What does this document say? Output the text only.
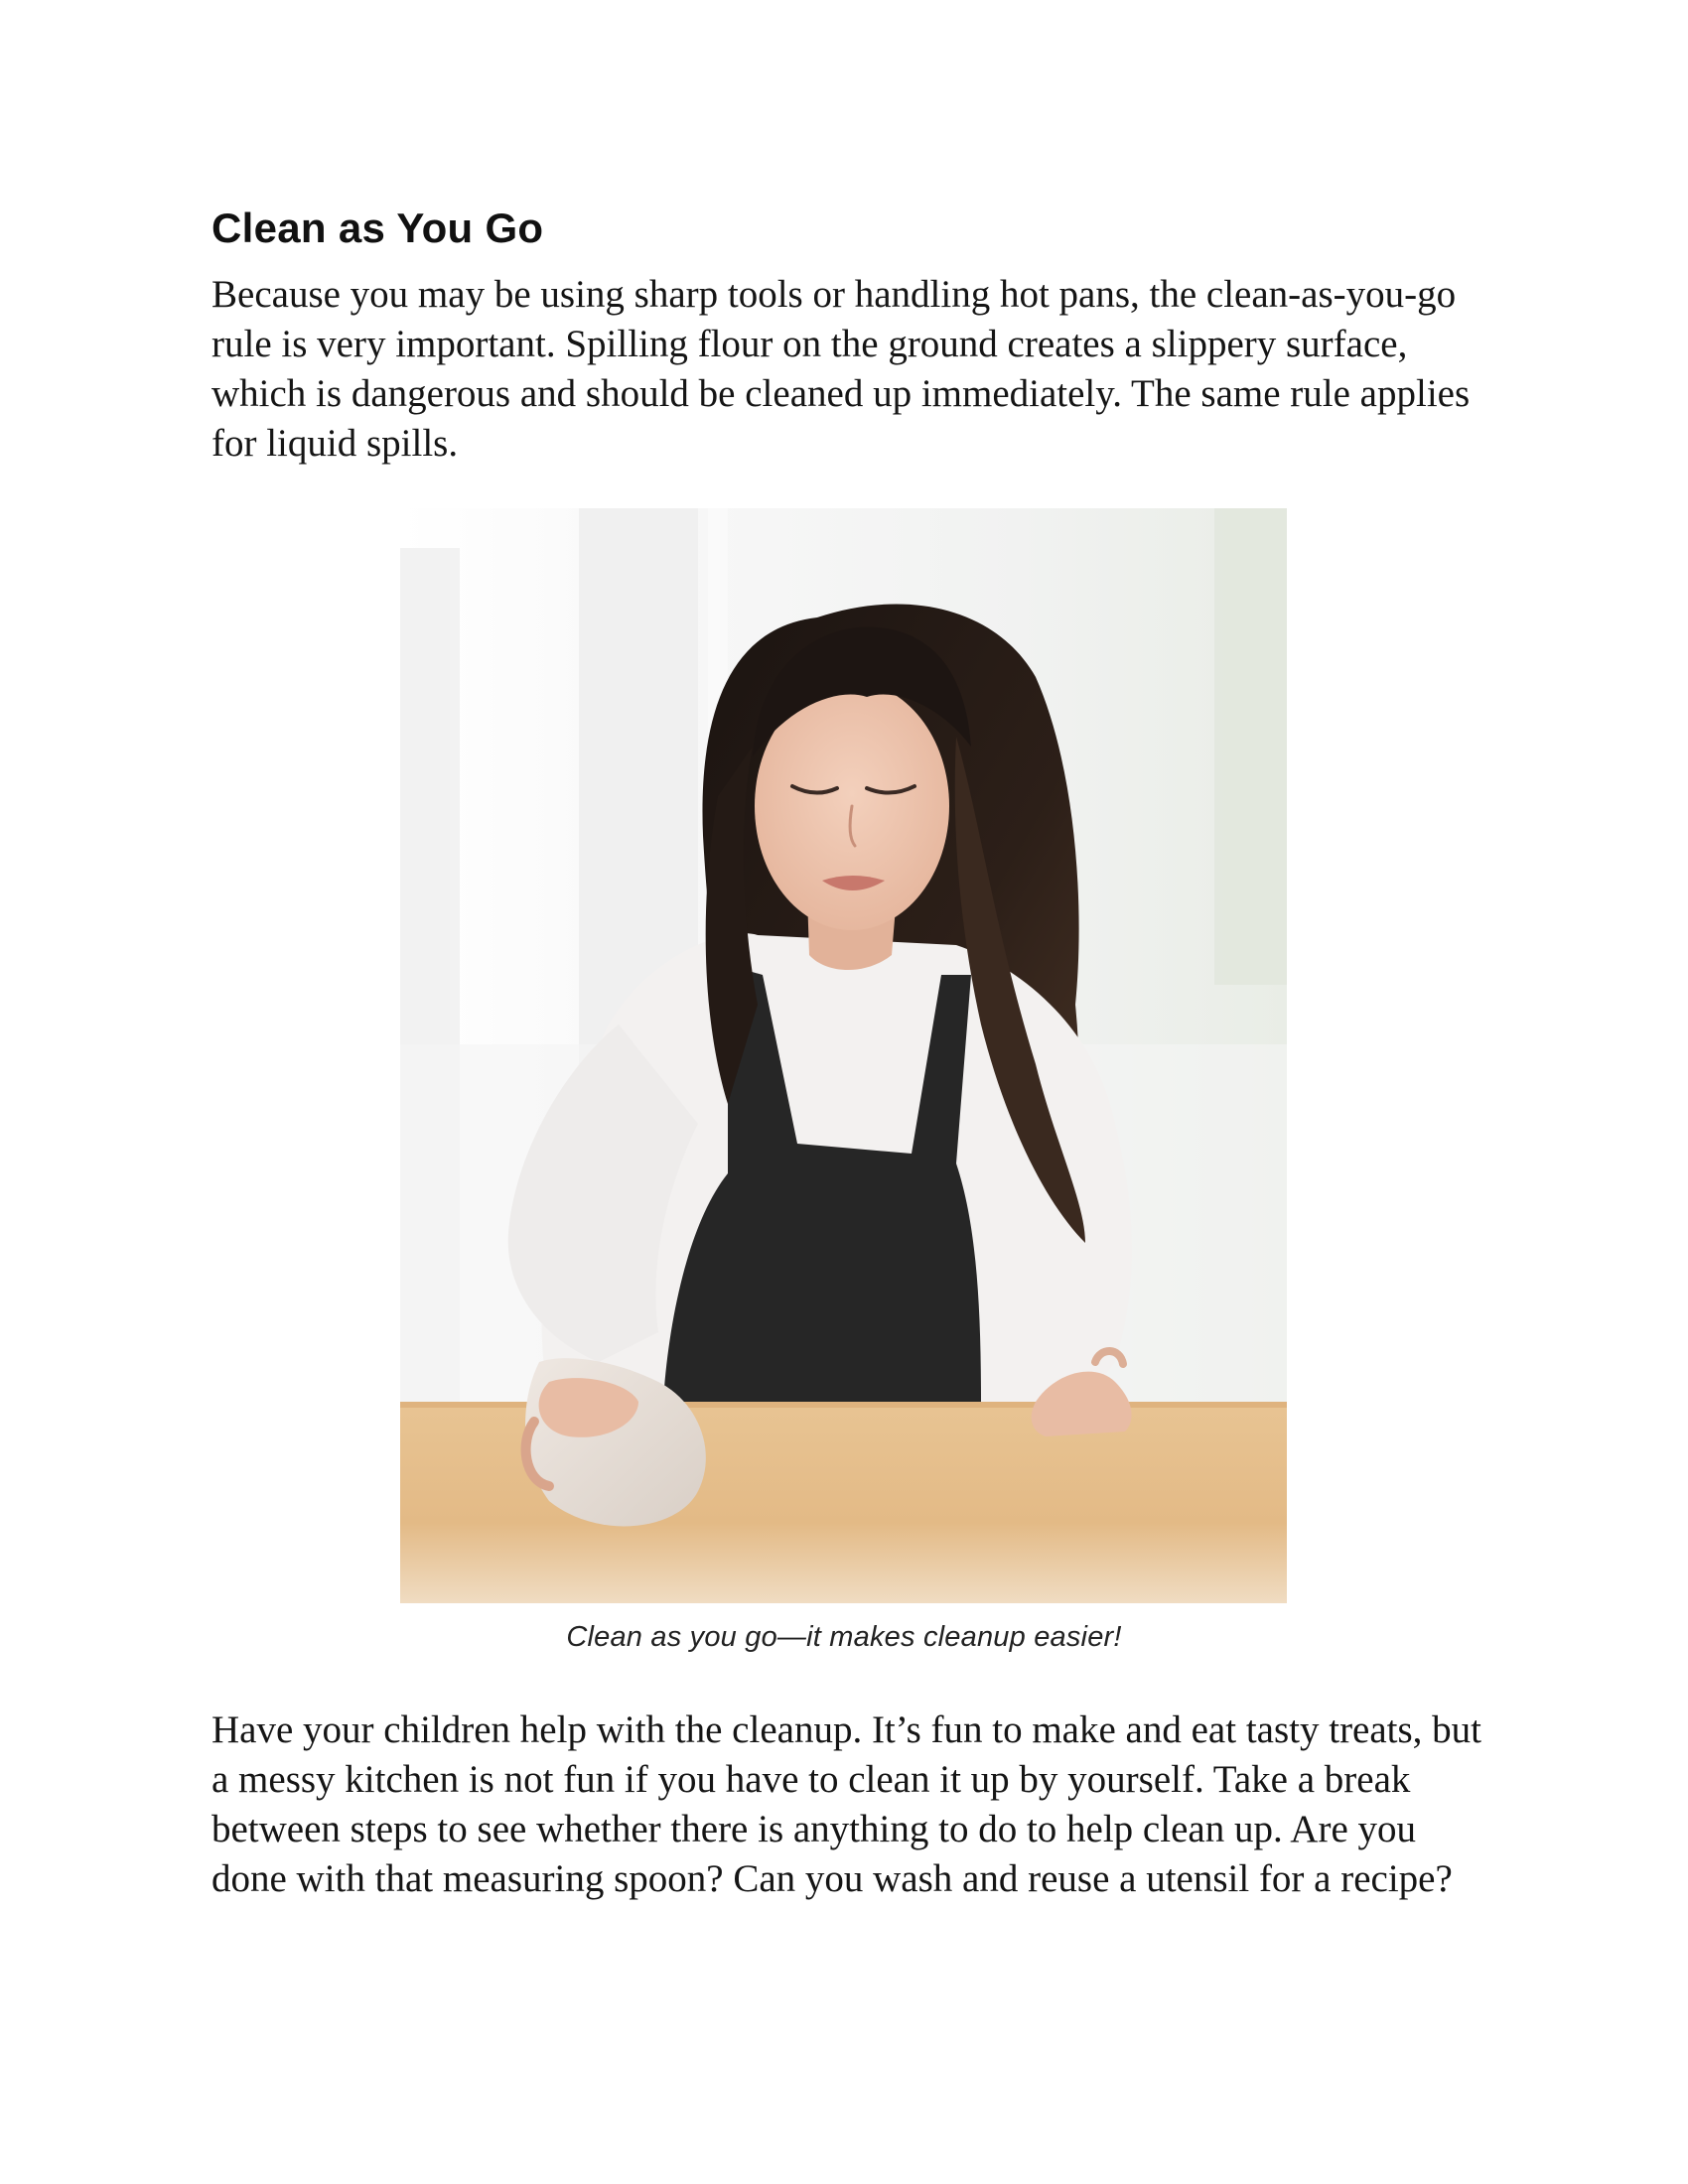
Clean as You Go

Because you may be using sharp tools or handling hot pans, the clean-as-you-go rule is very important. Spilling flour on the ground creates a slippery surface, which is dangerous and should be cleaned up immediately. The same rule applies for liquid spills.

Clean as you go—it makes cleanup easier!

Have your children help with the cleanup. It’s fun to make and eat tasty treats, but a messy kitchen is not fun if you have to clean it up by yourself. Take a break between steps to see whether there is anything to do to help clean up. Are you done with that measuring spoon? Can you wash and reuse a utensil for a recipe?
